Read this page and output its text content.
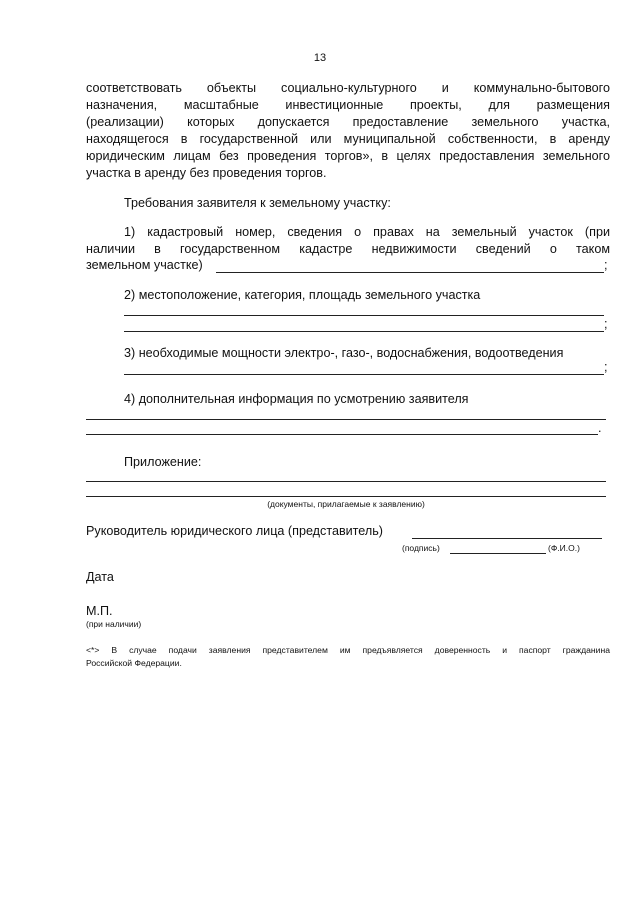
13
соответствовать объекты социально-культурного и коммунально-бытового
назначения, масштабные инвестиционные проекты, для размещения
(реализации) которых допускается предоставление земельного участка,
находящегося в государственной или муниципальной собственности, в аренду
юридическим лицам без проведения торгов», в целях предоставления земельного
участка в аренду без проведения торгов.
Требования заявителя к земельному участку:
1) кадастровый номер, сведения о правах на земельный участок (при
наличии в государственном кадастре недвижимости сведений о таком
земельном участке)	;
2) местоположение, категория, площадь земельного участка
;
3) необходимые мощности электро-, газо-, водоснабжения, водоотведения
;
4) дополнительная информация по усмотрению заявителя
.
Приложение:
(документы, прилагаемые к заявлению)
Руководитель юридического лица (представитель)
(подпись)	(Ф.И.О.)
Дата
М.П.
(при наличии)
<*> В случае подачи заявления представителем им предъявляется доверенность и паспорт гражданина
Российской Федерации.
